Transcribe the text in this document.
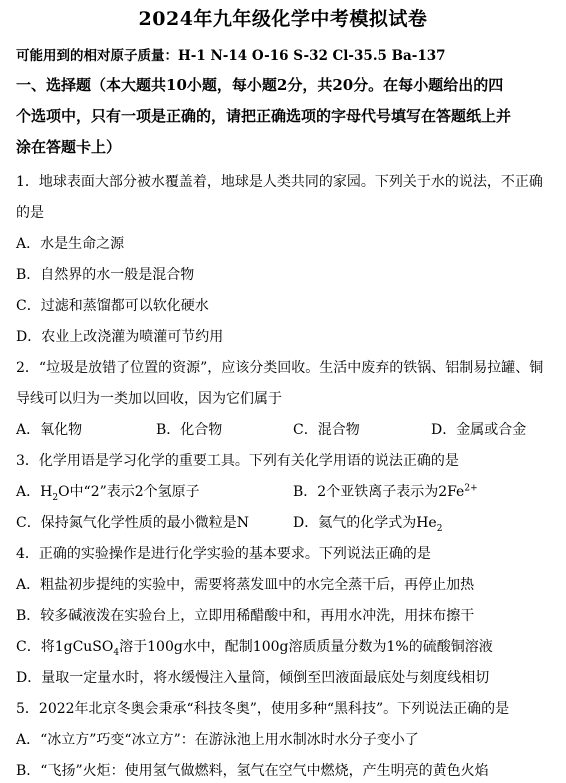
2024年九年级化学中考模拟试卷
可能用到的相对原子质量：H-1 N-14 O-16 S-32 Cl-35.5 Ba-137
一、选择题（本大题共10小题，每小题2分，共20分。在每小题给出的四
个选项中，只有一项是正确的，请把正确选项的字母代号填写在答题纸上并
涂在答题卡上）
1．地球表面大部分被水覆盖着，地球是人类共同的家园。下列关于水的说法，不正确
的是
A．水是生命之源
B．自然界的水一般是混合物
C．过滤和蒸馏都可以软化硬水
D．农业上改浇灌为喷灌可节约用
2．“垃圾是放错了位置的资源”，应该分类回收。生活中废弃的铁锅、铝制易拉罐、铜
导线可以归为一类加以回收，因为它们属于
A．氧化物	B．化合物	C．混合物	D．金属或合金
3．化学用语是学习化学的重要工具。下列有关化学用语的说法正确的是
A．$H_2O$中“2”表示2个氢原子	B．2个亚铁离子表示为$2Fe^{2+}$
C．保持氮气化学性质的最小微粒是N	D．氦气的化学式为$He_2$
4．正确的实验操作是进行化学实验的基本要求。下列说法正确的是
A．粗盐初步提纯的实验中，需要将蒸发皿中的水完全蒸干后，再停止加热
B．较多碱液泼在实验台上，立即用稀醋酸中和，再用水冲洗，用抹布擦干
C．将1gCuSO$_4$溶于100g水中，配制100g溶质质量分数为1%的硫酸铜溶液
D．量取一定量水时，将水缓慢注入量筒，倾倒至凹液面最底处与刻度线相切
5．2022年北京冬奥会秉承“科技冬奥”，使用多种“黑科技”。下列说法正确的是
A．“冰立方”巧变“冰立方”：在游泳池上用水制冰时水分子变小了
B．“飞扬”火炬：使用氢气做燃料，氢气在空气中燃烧，产生明亮的黄色火焰
